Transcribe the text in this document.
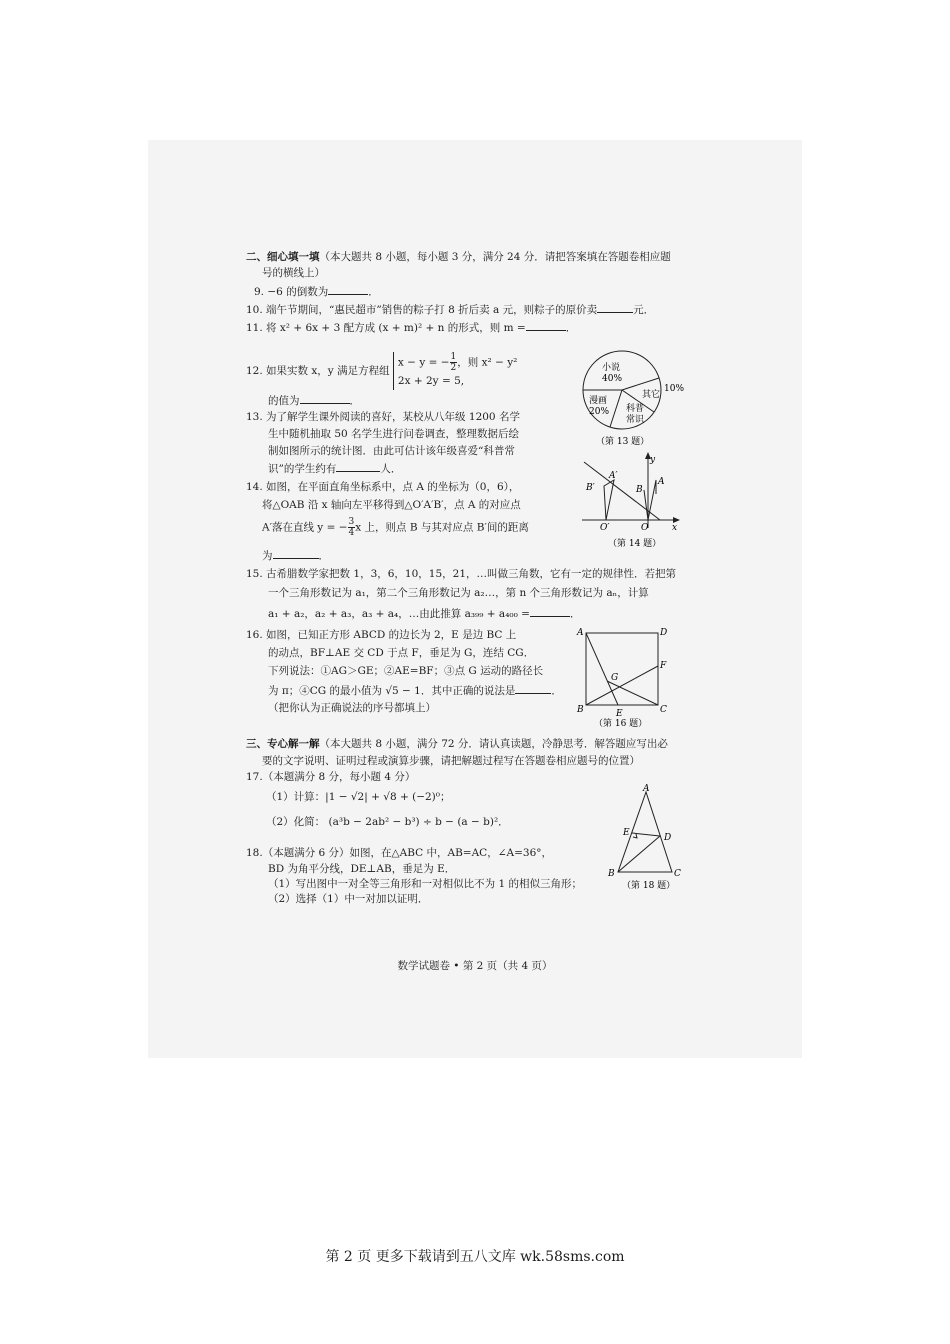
二、细心填一填（本大题共 8 小题，每小题 3 分，满分 24 分．请把答案填在答题卷相应题
号的横线上）
9. −6 的倒数为	．
10. 端午节期间，“惠民超市”销售的粽子打 8 折后卖 a 元，则粽子的原价卖	元．
11. 将 x² + 6x + 3 配方成 (x + m)² + n 的形式，则 m =	．
12. 如果实数 x，y 满足方程组
x − y = − $\frac{1}{2}$ ，则 x² − y²
2x + 2y = 5,
的值为	．
13. 为了解学生课外阅读的喜好，某校从八年级 1200 名学
生中随机抽取 50 名学生进行问卷调查，整理数据后绘
制如图所示的统计图．由此可估计该年级喜爱“科普常
识”的学生约有	人．
小说
40%
其它
10%
漫画
20% 科普
常识
（第 13 题）
14. 如图，在平面直角坐标系中，点 A 的坐标为（0，6），
将△OAB 沿 x 轴向左平移得到△O′A′B′，点 A 的对应点
A′落在直线 y = − $\frac{3}{4}$ x 上，则点 B 与其对应点 B′间的距离
为	．
y
x
A
A′
B
B′
O
O′
（第 14 题）
15. 古希腊数学家把数 1，3，6，10，15，21，…叫做三角数，它有一定的规律性．若把第
一个三角形数记为 a₁，第二个三角形数记为 a₂…，第 n 个三角形数记为 aₙ，计算
a₁ + a₂，a₂ + a₃，a₃ + a₄，…由此推算 a₃₉₉ + a₄₀₀ =	．
16. 如图，已知正方形 ABCD 的边长为 2，E 是边 BC 上
的动点，BF⊥AE 交 CD 于点 F，垂足为 G，连结 CG．
下列说法：①AG＞GE；②AE=BF；③点 G 运动的路径长
为 π；④CG 的最小值为 √5 − 1．其中正确的说法是	．
（把你认为正确说法的序号都填上）
A	D
B	C
E
F
G
（第 16 题）
三、专心解一解（本大题共 8 小题，满分 72 分．请认真读题，冷静思考．解答题应写出必
要的文字说明、证明过程或演算步骤，请把解题过程写在答题卷相应题号的位置）
17.（本题满分 8 分，每小题 4 分）
（1）计算：|1 − √2| + √8 + (−2)⁰；
（2）化简： (a³b − 2ab² − b³) ÷ b − (a − b)²．
18.（本题满分 6 分）如图，在△ABC 中，AB=AC，∠A=36°，
BD 为角平分线，DE⊥AB，垂足为 E．
（1）写出图中一对全等三角形和一对相似比不为 1 的相似三角形；
（2）选择（1）中一对加以证明．
A
B	C
D
E
（第 18 题）
数学试题卷 • 第 2 页（共 4 页）
第 2 页 更多下载请到五八文库 wk.58sms.com
